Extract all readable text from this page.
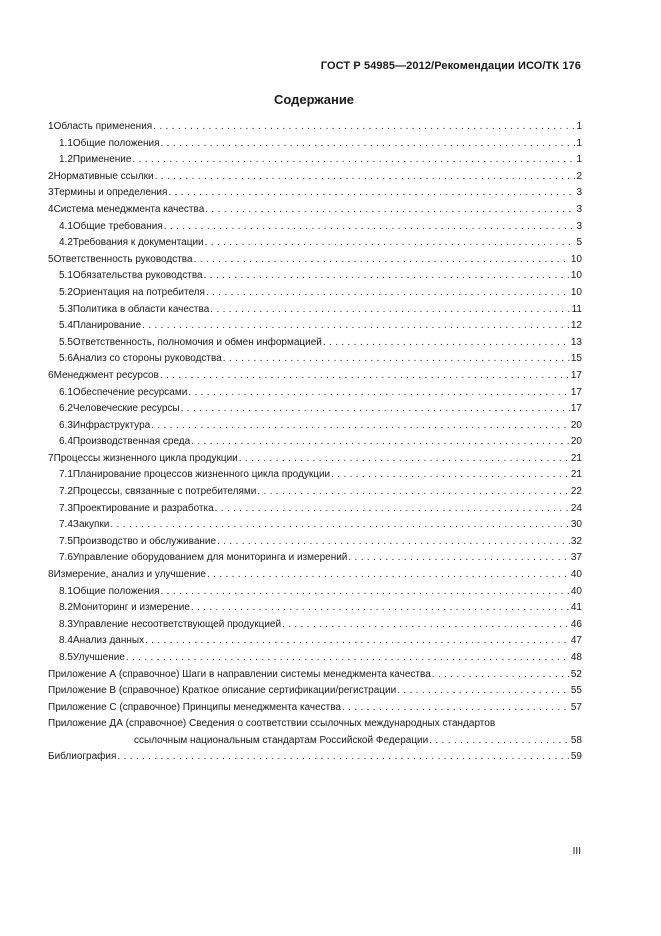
ГОСТ Р 54985—2012/Рекомендации ИСО/ТК 176
Содержание
1 Область применения . . .	1
1.1 Общие положения . . .	1
1.2 Применение . . .	1
2 Нормативные ссылки . . .	2
3 Термины и определения . . .	3
4 Система менеджмента качества . . .	3
4.1 Общие требования . . .	3
4.2 Требования к документации . . .	5
5 Ответственность руководства . . .	10
5.1 Обязательства руководства . . .	10
5.2 Ориентация на потребителя . . .	10
5.3 Политика в области качества . . .	11
5.4 Планирование . . .	12
5.5 Ответственность, полномочия и обмен информацией . . .	13
5.6 Анализ со стороны руководства . . .	15
6 Менеджмент ресурсов . . .	17
6.1 Обеспечение ресурсами . . .	17
6.2 Человеческие ресурсы . . .	17
6.3 Инфраструктура . . .	20
6.4 Производственная среда . . .	20
7 Процессы жизненного цикла продукции . . .	21
7.1 Планирование процессов жизненного цикла продукции . . .	21
7.2 Процессы, связанные с потребителями . . .	22
7.3 Проектирование и разработка . . .	24
7.4 Закупки . . .	30
7.5 Производство и обслуживание . . .	32
7.6 Управление оборудованием для мониторинга и измерений . . .	37
8 Измерение, анализ и улучшение . . .	40
8.1 Общие положения . . .	40
8.2 Мониторинг и измерение . . .	41
8.3 Управление несоответствующей продукцией . . .	46
8.4 Анализ данных . . .	47
8.5 Улучшение . . .	48
Приложение А (справочное) Шаги в направлении системы менеджмента качества . . .	52
Приложение В (справочное) Краткое описание сертификации/регистрации . . .	55
Приложение С (справочное) Принципы менеджмента качества . . .	57
Приложение ДА (справочное) Сведения о соответствии ссылочных международных стандартов
ссылочным национальным стандартам Российской Федерации . . .	58
Библиография . . .	59
III
